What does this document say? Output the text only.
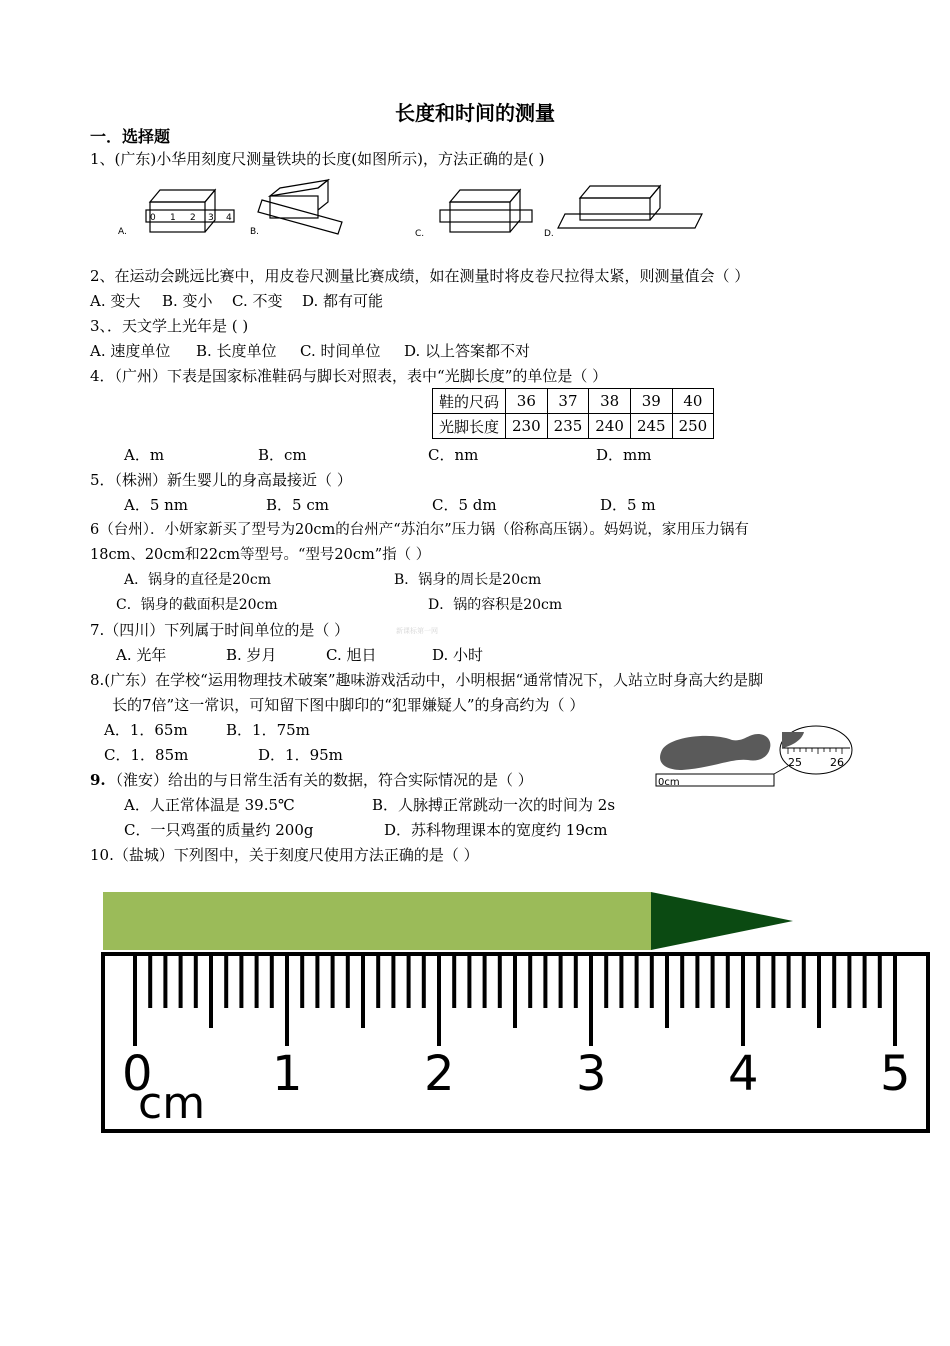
长度和时间的测量
一．选择题
1、(广东)小华用刻度尺测量铁块的长度(如图所示)，方法正确的是( )
A.	B.	C.	D.
0 1 2 3 4
2、在运动会跳远比赛中，用皮卷尺测量比赛成绩，如在测量时将皮卷尺拉得太紧，则测量值会（ ）
A. 变大 B. 变小 C. 不变 D. 都有可能
3、．天文学上光年是 ( )
A. 速度单位 B. 长度单位 C. 时间单位 D. 以上答案都不对
4．（广州）下表是国家标准鞋码与脚长对照表，表中“光脚长度”的单位是（ ）
鞋的尺码	36	37	38	39	40
光脚长度	230	235	240	245	250
A．m	B．cm	C．nm	D．mm
5．（株洲）新生婴儿的身高最接近（ ）
A．5 nm	B．5 cm	C．5 dm	D．5 m
6（台州）．小妍家新买了型号为20cm的台州产“苏泊尔”压力锅（俗称高压锅）。妈妈说，家用压力锅有
18cm、20cm和22cm等型号。“型号20cm”指（ ）
A．锅身的直径是20cm	B．锅身的周长是20cm
C．锅身的截面积是20cm	D．锅的容积是20cm
7.（四川）下列属于时间单位的是（ ）	新课标第一网
A. 光年	B. 岁月	C. 旭日	D. 小时
8.(广东）在学校“运用物理技术破案”趣味游戏活动中，小明根据“通常情况下，人站立时身高大约是脚
长的7倍”这一常识，可知留下图中脚印的“犯罪嫌疑人”的身高约为（ ）
A．1．65m	B．1．75m
C．1．85m	D．1．95m
0cm
25	26
9. （淮安）给出的与日常生活有关的数据，符合实际情况的是（ ）
A．人正常体温是 39.5℃	B．人脉搏正常跳动一次的时间为 2s
C．一只鸡蛋的质量约 200g	D．苏科物理课本的宽度约 19cm
10.（盐城）下列图中，关于刻度尺使用方法正确的是（ ）
0 1	2	3	4	5
cm
